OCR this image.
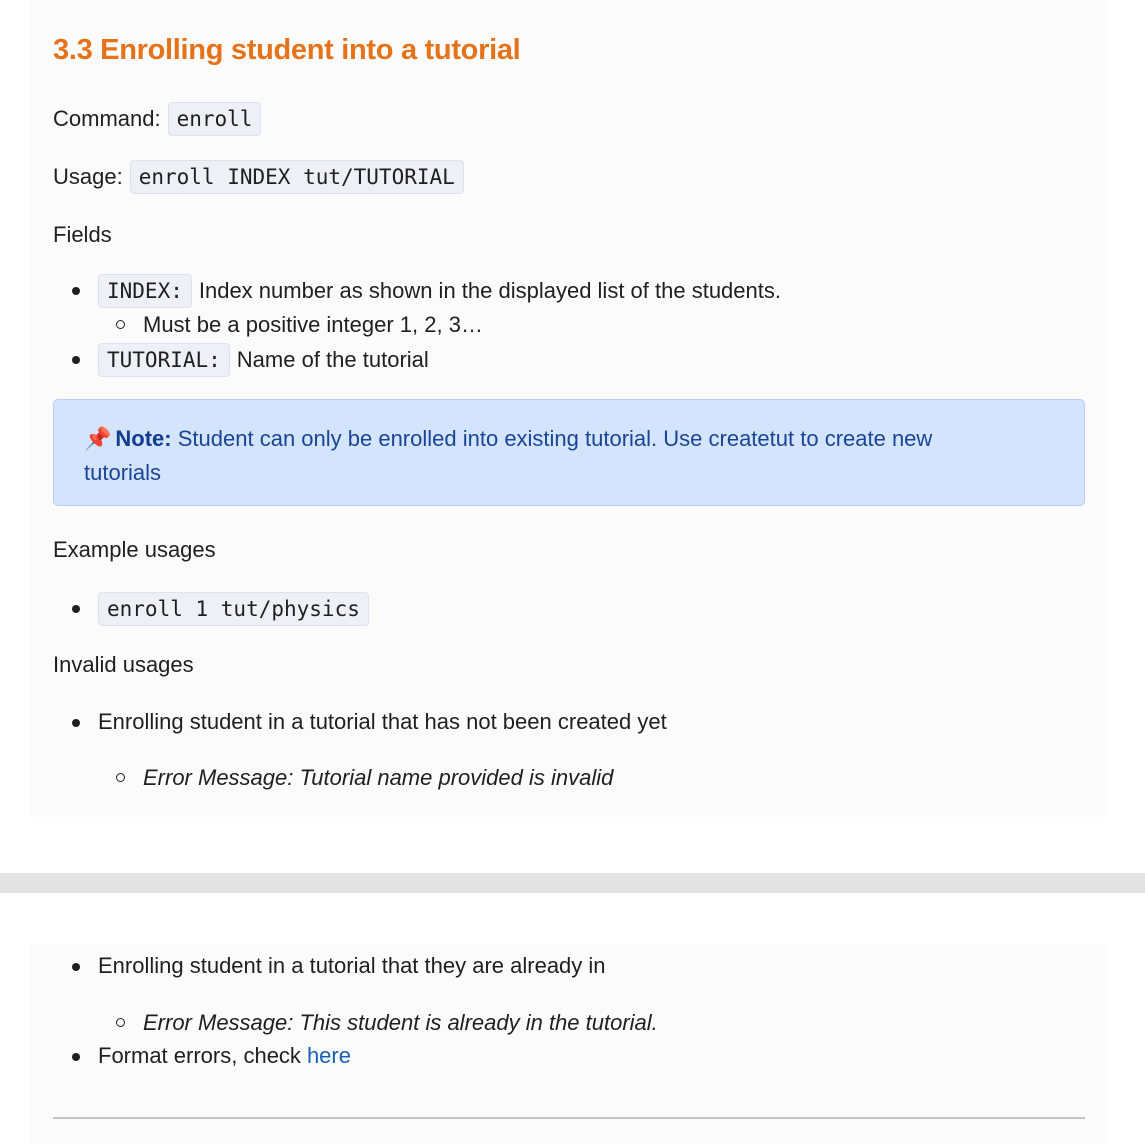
3.3 Enrolling student into a tutorial
Command: enroll
Usage: enroll INDEX tut/TUTORIAL
Fields
INDEX: Index number as shown in the displayed list of the students.
Must be a positive integer 1, 2, 3…
TUTORIAL: Name of the tutorial
📌 Note: Student can only be enrolled into existing tutorial. Use createtut to create new
tutorials
Example usages
enroll 1 tut/physics
Invalid usages
Enrolling student in a tutorial that has not been created yet
Error Message: Tutorial name provided is invalid
Enrolling student in a tutorial that they are already in
Error Message: This student is already in the tutorial.
Format errors, check here
